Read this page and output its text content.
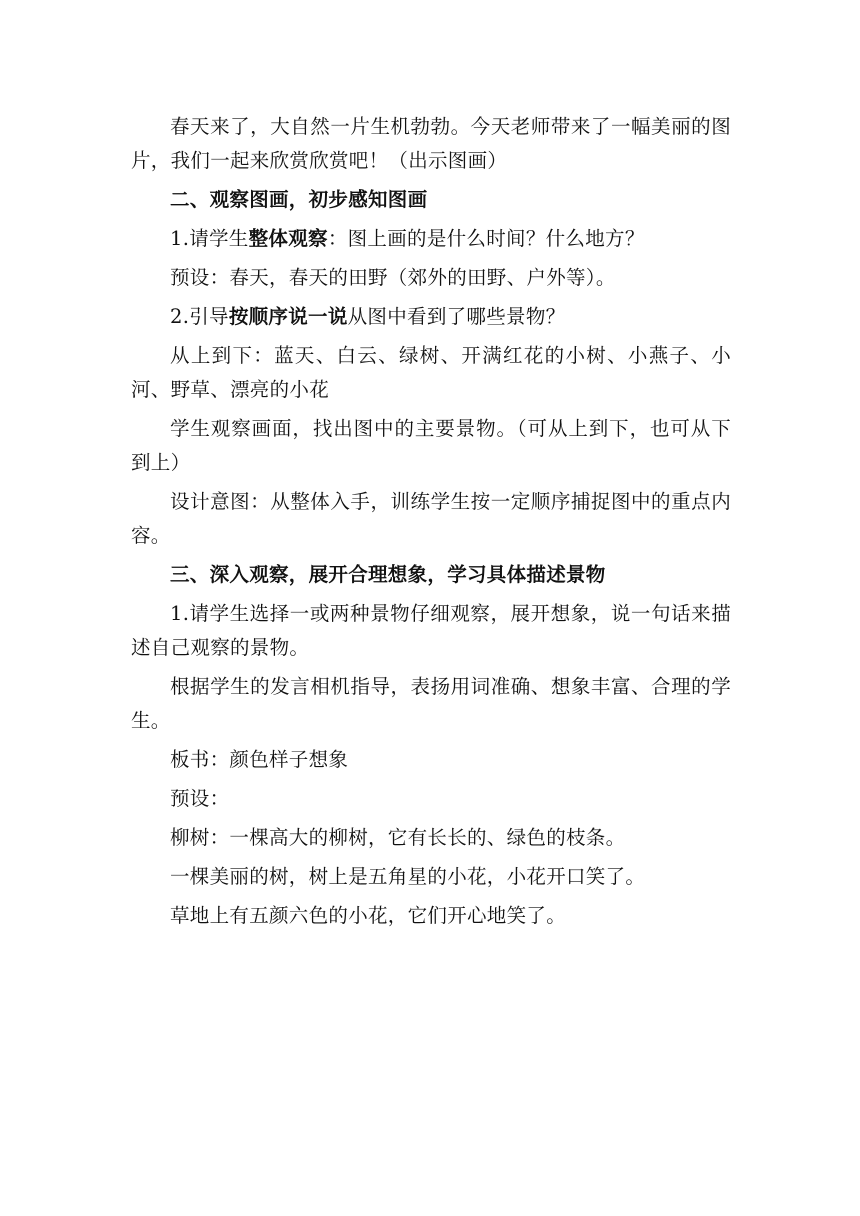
春天来了，大自然一片生机勃勃。今天老师带来了一幅美丽的图片，我们一起来欣赏欣赏吧！（出示图画）

二、观察图画，初步感知图画

1.请学生整体观察：图上画的是什么时间？什么地方？

预设：春天，春天的田野（郊外的田野、户外等）。

2.引导按顺序说一说从图中看到了哪些景物？

从上到下：蓝天、白云、绿树、开满红花的小树、小燕子、小河、野草、漂亮的小花

学生观察画面，找出图中的主要景物。（可从上到下，也可从下到上）

设计意图：从整体入手，训练学生按一定顺序捕捉图中的重点内容。

三、深入观察，展开合理想象，学习具体描述景物

1.请学生选择一或两种景物仔细观察，展开想象，说一句话来描述自己观察的景物。

根据学生的发言相机指导，表扬用词准确、想象丰富、合理的学生。

板书：颜色样子想象

预设：

柳树：一棵高大的柳树，它有长长的、绿色的枝条。

一棵美丽的树，树上是五角星的小花，小花开口笑了。

草地上有五颜六色的小花，它们开心地笑了。
